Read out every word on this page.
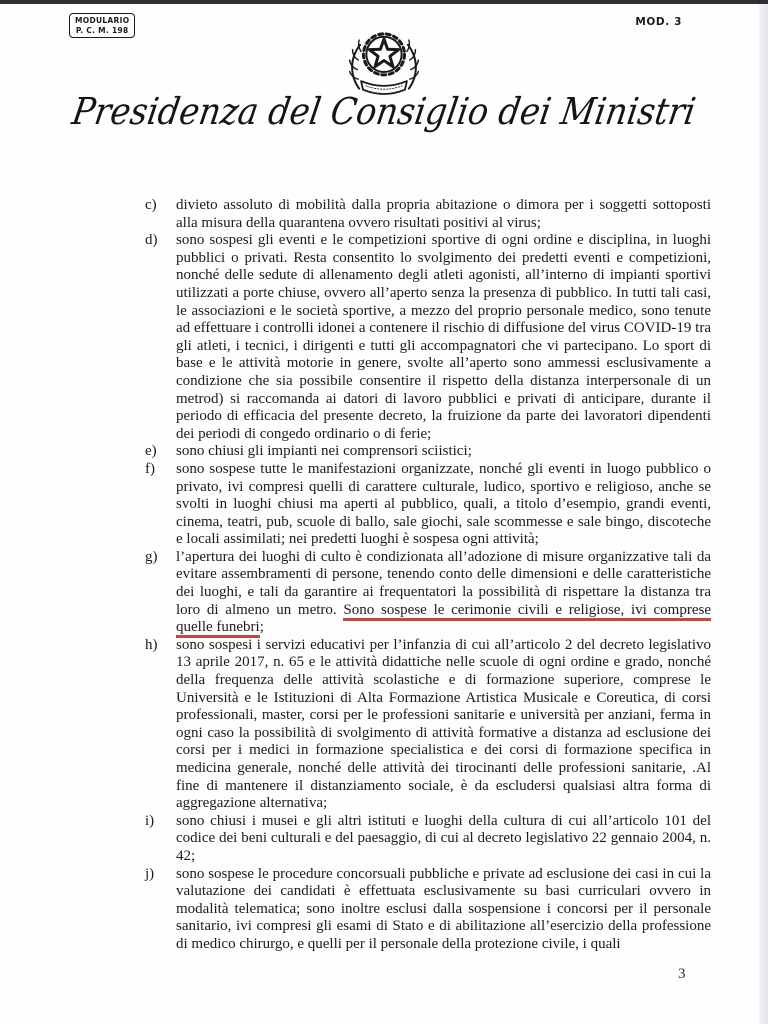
MODULARIO
P. C. M. 198
MOD. 3
Presidenza del Consiglio dei Ministri
c)	divieto assoluto di mobilità dalla propria abitazione o dimora per i soggetti sottoposti alla misura della quarantena ovvero risultati positivi al virus;
d)	sono sospesi gli eventi e le competizioni sportive di ogni ordine e disciplina, in luoghi pubblici o privati. Resta consentito lo svolgimento dei predetti eventi e competizioni, nonché delle sedute di allenamento degli atleti agonisti, all’interno di impianti sportivi utilizzati a porte chiuse, ovvero all’aperto senza la presenza di pubblico. In tutti tali casi, le associazioni e le società sportive, a mezzo del proprio personale medico, sono tenute ad effettuare i controlli idonei a contenere il rischio di diffusione del virus COVID-19 tra gli atleti, i tecnici, i dirigenti e tutti gli accompagnatori che vi partecipano. Lo sport di base e le attività motorie in genere, svolte all’aperto sono ammessi esclusivamente a condizione che sia possibile consentire il rispetto della distanza interpersonale di un metrod) si raccomanda ai datori di lavoro pubblici e privati di anticipare, durante il periodo di efficacia del presente decreto, la fruizione da parte dei lavoratori dipendenti dei periodi di congedo ordinario o di ferie;
e)	sono chiusi gli impianti nei comprensori sciistici;
f)	sono sospese tutte le manifestazioni organizzate, nonché gli eventi in luogo pubblico o privato, ivi compresi quelli di carattere culturale, ludico, sportivo e religioso, anche se svolti in luoghi chiusi ma aperti al pubblico, quali, a titolo d’esempio, grandi eventi, cinema, teatri, pub, scuole di ballo, sale giochi, sale scommesse e sale bingo, discoteche e locali assimilati; nei predetti luoghi è sospesa ogni attività;
g)	l’apertura dei luoghi di culto è condizionata all’adozione di misure organizzative tali da evitare assembramenti di persone, tenendo conto delle dimensioni e delle caratteristiche dei luoghi, e tali da garantire ai frequentatori la possibilità di rispettare la distanza tra loro di almeno un metro. Sono sospese le cerimonie civili e religiose, ivi comprese quelle funebri;
h)	sono sospesi i servizi educativi per l’infanzia di cui all’articolo 2 del decreto legislativo 13 aprile 2017, n. 65 e le attività didattiche nelle scuole di ogni ordine e grado, nonché della frequenza delle attività scolastiche e di formazione superiore, comprese le Università e le Istituzioni di Alta Formazione Artistica Musicale e Coreutica, di corsi professionali, master, corsi per le professioni sanitarie e università per anziani, ferma in ogni caso la possibilità di svolgimento di attività formative a distanza ad esclusione dei corsi per i medici in formazione specialistica e dei corsi di formazione specifica in medicina generale, nonché delle attività dei tirocinanti delle professioni sanitarie, .Al fine di mantenere il distanziamento sociale, è da escludersi qualsiasi altra forma di aggregazione alternativa;
i)	sono chiusi i musei e gli altri istituti e luoghi della cultura di cui all’articolo 101 del codice dei beni culturali e del paesaggio, di cui al decreto legislativo 22 gennaio 2004, n. 42;
j)	sono sospese le procedure concorsuali pubbliche e private ad esclusione dei casi in cui la valutazione dei candidati è effettuata esclusivamente su basi curriculari ovvero in modalità telematica; sono inoltre esclusi dalla sospensione i concorsi per il personale sanitario, ivi compresi gli esami di Stato e di abilitazione all’esercizio della professione di medico chirurgo, e quelli per il personale della protezione civile, i quali
3
